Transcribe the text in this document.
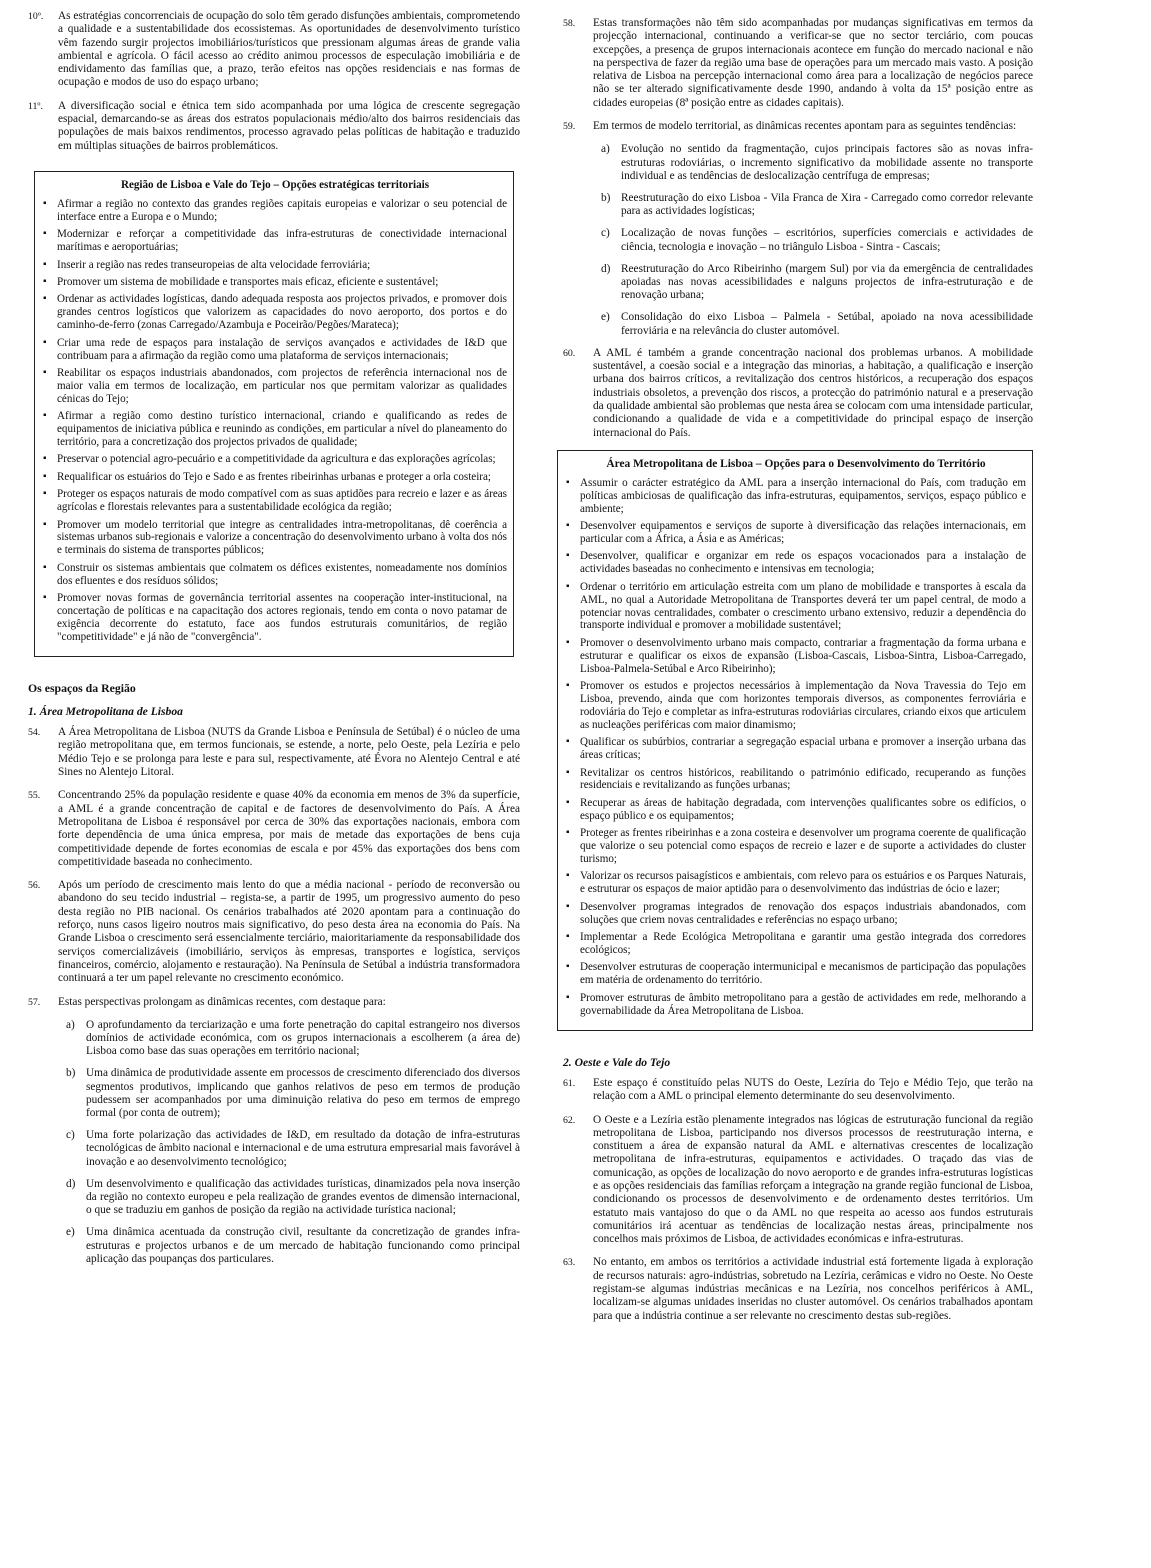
10º. As estratégias concorrenciais de ocupação do solo têm gerado disfunções ambientais, comprometendo a qualidade e a sustentabilidade dos ecossistemas. As oportunidades de desenvolvimento turístico vêm fazendo surgir projectos imobiliários/turísticos que pressionam algumas áreas de grande valia ambiental e agrícola. O fácil acesso ao crédito animou processos de especulação imobiliária e de endividamento das famílias que, a prazo, terão efeitos nas opções residenciais e nas formas de ocupação e modos de uso do espaço urbano;

11º. A diversificação social e étnica tem sido acompanhada por uma lógica de crescente segregação espacial, demarcando-se as áreas dos estratos populacionais médio/alto dos bairros residenciais das populações de mais baixos rendimentos, processo agravado pelas políticas de habitação e traduzido em múltiplas situações de bairros problemáticos.

Região de Lisboa e Vale do Tejo – Opções estratégicas territoriais
▪ Afirmar a região no contexto das grandes regiões capitais europeias e valorizar o seu potencial de interface entre a Europa e o Mundo;
▪ Modernizar e reforçar a competitividade das infra-estruturas de conectividade internacional marítimas e aeroportuárias;
▪ Inserir a região nas redes transeuropeias de alta velocidade ferroviária;
▪ Promover um sistema de mobilidade e transportes mais eficaz, eficiente e sustentável;
▪ Ordenar as actividades logísticas, dando adequada resposta aos projectos privados, e promover dois grandes centros logísticos que valorizem as capacidades do novo aeroporto, dos portos e do caminho-de-ferro (zonas Carregado/Azambuja e Poceirão/Pegões/Marateca);
▪ Criar uma rede de espaços para instalação de serviços avançados e actividades de I&D que contribuam para a afirmação da região como uma plataforma de serviços internacionais;
▪ Reabilitar os espaços industriais abandonados, com projectos de referência internacional nos de maior valia em termos de localização, em particular nos que permitam valorizar as qualidades cénicas do Tejo;
▪ Afirmar a região como destino turístico internacional, criando e qualificando as redes de equipamentos de iniciativa pública e reunindo as condições, em particular a nível do planeamento do território, para a concretização dos projectos privados de qualidade;
▪ Preservar o potencial agro-pecuário e a competitividade da agricultura e das explorações agrícolas;
▪ Requalificar os estuários do Tejo e Sado e as frentes ribeirinhas urbanas e proteger a orla costeira;
▪ Proteger os espaços naturais de modo compatível com as suas aptidões para recreio e lazer e as áreas agrícolas e florestais relevantes para a sustentabilidade ecológica da região;
▪ Promover um modelo territorial que integre as centralidades intra-metropolitanas, dê coerência a sistemas urbanos sub-regionais e valorize a concentração do desenvolvimento urbano à volta dos nós e terminais do sistema de transportes públicos;
▪ Construir os sistemas ambientais que colmatem os défices existentes, nomeadamente nos domínios dos efluentes e dos resíduos sólidos;
▪ Promover novas formas de governância territorial assentes na cooperação inter-institucional, na concertação de políticas e na capacitação dos actores regionais, tendo em conta o novo patamar de exigência decorrente do estatuto, face aos fundos estruturais comunitários, de região "competitividade" e já não de "convergência".
Os espaços da Região
1. Área Metropolitana de Lisboa
54. A Área Metropolitana de Lisboa (NUTS da Grande Lisboa e Península de Setúbal) é o núcleo de uma região metropolitana que, em termos funcionais, se estende, a norte, pelo Oeste, pela Lezíria e pelo Médio Tejo e se prolonga para leste e para sul, respectivamente, até Évora no Alentejo Central e até Sines no Alentejo Litoral.

55. Concentrando 25% da população residente e quase 40% da economia em menos de 3% da superfície, a AML é a grande concentração de capital e de factores de desenvolvimento do País. A Área Metropolitana de Lisboa é responsável por cerca de 30% das exportações nacionais, embora com forte dependência de uma única empresa, por mais de metade das exportações de bens cuja competitividade depende de fortes economias de escala e por 45% das exportações dos bens com competitividade baseada no conhecimento.

56. Após um período de crescimento mais lento do que a média nacional - período de reconversão ou abandono do seu tecido industrial – regista-se, a partir de 1995, um progressivo aumento do peso desta região no PIB nacional. Os cenários trabalhados até 2020 apontam para a continuação do reforço, nuns casos ligeiro noutros mais significativo, do peso desta área na economia do País. Na Grande Lisboa o crescimento será essencialmente terciário, maioritariamente da responsabilidade dos serviços comercializáveis (imobiliário, serviços às empresas, transportes e logística, serviços financeiros, comércio, alojamento e restauração). Na Península de Setúbal a indústria transformadora continuará a ter um papel relevante no crescimento económico.

57. Estas perspectivas prolongam as dinâmicas recentes, com destaque para:

a) O aprofundamento da terciarização e uma forte penetração do capital estrangeiro nos diversos domínios de actividade económica, com os grupos internacionais a escolherem (a área de) Lisboa como base das suas operações em território nacional;

b) Uma dinâmica de produtividade assente em processos de crescimento diferenciado dos diversos segmentos produtivos, implicando que ganhos relativos de peso em termos de produção pudessem ser acompanhados por uma diminuição relativa do peso em termos de emprego formal (por conta de outrem);

c) Uma forte polarização das actividades de I&D, em resultado da dotação de infra-estruturas tecnológicas de âmbito nacional e internacional e de uma estrutura empresarial mais favorável à inovação e ao desenvolvimento tecnológico;

d) Um desenvolvimento e qualificação das actividades turísticas, dinamizados pela nova inserção da região no contexto europeu e pela realização de grandes eventos de dimensão internacional, o que se traduziu em ganhos de posição da região na actividade turística nacional;

e) Uma dinâmica acentuada da construção civil, resultante da concretização de grandes infra-estruturas e projectos urbanos e de um mercado de habitação funcionando como principal aplicação das poupanças dos particulares.

58. Estas transformações não têm sido acompanhadas por mudanças significativas em termos da projecção internacional, continuando a verificar-se que no sector terciário, com poucas excepções, a presença de grupos internacionais acontece em função do mercado nacional e não na perspectiva de fazer da região uma base de operações para um mercado mais vasto. A posição relativa de Lisboa na percepção internacional como área para a localização de negócios parece não se ter alterado significativamente desde 1990, andando à volta da 15ª posição entre as cidades europeias (8ª posição entre as cidades capitais).

59. Em termos de modelo territorial, as dinâmicas recentes apontam para as seguintes tendências:

a) Evolução no sentido da fragmentação, cujos principais factores são as novas infra-estruturas rodoviárias, o incremento significativo da mobilidade assente no transporte individual e as tendências de deslocalização centrífuga de empresas;

b) Reestruturação do eixo Lisboa - Vila Franca de Xira - Carregado como corredor relevante para as actividades logísticas;

c) Localização de novas funções – escritórios, superfícies comerciais e actividades de ciência, tecnologia e inovação – no triângulo Lisboa - Sintra - Cascais;

d) Reestruturação do Arco Ribeirinho (margem Sul) por via da emergência de centralidades apoiadas nas novas acessibilidades e nalguns projectos de infra-estruturação e de renovação urbana;

e) Consolidação do eixo Lisboa – Palmela - Setúbal, apoiado na nova acessibilidade ferroviária e na relevância do cluster automóvel.

60. A AML é também a grande concentração nacional dos problemas urbanos. A mobilidade sustentável, a coesão social e a integração das minorias, a habitação, a qualificação e inserção urbana dos bairros críticos, a revitalização dos centros históricos, a recuperação dos espaços industriais obsoletos, a prevenção dos riscos, a protecção do património natural e a preservação da qualidade ambiental são problemas que nesta área se colocam com uma intensidade particular, condicionando a qualidade de vida e a competitividade do principal espaço de inserção internacional do País.

Área Metropolitana de Lisboa – Opções para o Desenvolvimento do Território
▪ Assumir o carácter estratégico da AML para a inserção internacional do País, com tradução em políticas ambiciosas de qualificação das infra-estruturas, equipamentos, serviços, espaço público e ambiente;
▪ Desenvolver equipamentos e serviços de suporte à diversificação das relações internacionais, em particular com a África, a Ásia e as Américas;
▪ Desenvolver, qualificar e organizar em rede os espaços vocacionados para a instalação de actividades baseadas no conhecimento e intensivas em tecnologia;
▪ Ordenar o território em articulação estreita com um plano de mobilidade e transportes à escala da AML, no qual a Autoridade Metropolitana de Transportes deverá ter um papel central, de modo a potenciar novas centralidades, combater o crescimento urbano extensivo, reduzir a dependência do transporte individual e promover a mobilidade sustentável;
▪ Promover o desenvolvimento urbano mais compacto, contrariar a fragmentação da forma urbana e estruturar e qualificar os eixos de expansão (Lisboa-Cascais, Lisboa-Sintra, Lisboa-Carregado, Lisboa-Palmela-Setúbal e Arco Ribeirinho);
▪ Promover os estudos e projectos necessários à implementação da Nova Travessia do Tejo em Lisboa, prevendo, ainda que com horizontes temporais diversos, as componentes ferroviária e rodoviária do Tejo e completar as infra-estruturas rodoviárias circulares, criando eixos que articulem as nucleações periféricas com maior dinamismo;
▪ Qualificar os subúrbios, contrariar a segregação espacial urbana e promover a inserção urbana das áreas críticas;
▪ Revitalizar os centros históricos, reabilitando o património edificado, recuperando as funções residenciais e revitalizando as funções urbanas;
▪ Recuperar as áreas de habitação degradada, com intervenções qualificantes sobre os edifícios, o espaço público e os equipamentos;
▪ Proteger as frentes ribeirinhas e a zona costeira e desenvolver um programa coerente de qualificação que valorize o seu potencial como espaços de recreio e lazer e de suporte a actividades do cluster turismo;
▪ Valorizar os recursos paisagísticos e ambientais, com relevo para os estuários e os Parques Naturais, e estruturar os espaços de maior aptidão para o desenvolvimento das indústrias de ócio e lazer;
▪ Desenvolver programas integrados de renovação dos espaços industriais abandonados, com soluções que criem novas centralidades e referências no espaço urbano;
▪ Implementar a Rede Ecológica Metropolitana e garantir uma gestão integrada dos corredores ecológicos;
▪ Desenvolver estruturas de cooperação intermunicipal e mecanismos de participação das populações em matéria de ordenamento do território.
▪ Promover estruturas de âmbito metropolitano para a gestão de actividades em rede, melhorando a governabilidade da Área Metropolitana de Lisboa.
2. Oeste e Vale do Tejo
61. Este espaço é constituído pelas NUTS do Oeste, Lezíria do Tejo e Médio Tejo, que terão na relação com a AML o principal elemento determinante do seu desenvolvimento.

62. O Oeste e a Lezíria estão plenamente integrados nas lógicas de estruturação funcional da região metropolitana de Lisboa, participando nos diversos processos de reestruturação interna, e constituem a área de expansão natural da AML e alternativas crescentes de localização metropolitana de infra-estruturas, equipamentos e actividades. O traçado das vias de comunicação, as opções de localização do novo aeroporto e de grandes infra-estruturas logísticas e as opções residenciais das famílias reforçam a integração na grande região funcional de Lisboa, condicionando os processos de desenvolvimento e de ordenamento destes territórios. Um estatuto mais vantajoso do que o da AML no que respeita ao acesso aos fundos estruturais comunitários irá acentuar as tendências de localização nestas áreas, principalmente nos concelhos mais próximos de Lisboa, de actividades económicas e infra-estruturas.

63. No entanto, em ambos os territórios a actividade industrial está fortemente ligada à exploração de recursos naturais: agro-indústrias, sobretudo na Lezíria, cerâmicas e vidro no Oeste. No Oeste registam-se algumas indústrias mecânicas e na Lezíria, nos concelhos periféricos à AML, localizam-se algumas unidades inseridas no cluster automóvel. Os cenários trabalhados apontam para que a indústria continue a ser relevante no crescimento destas sub-regiões.
